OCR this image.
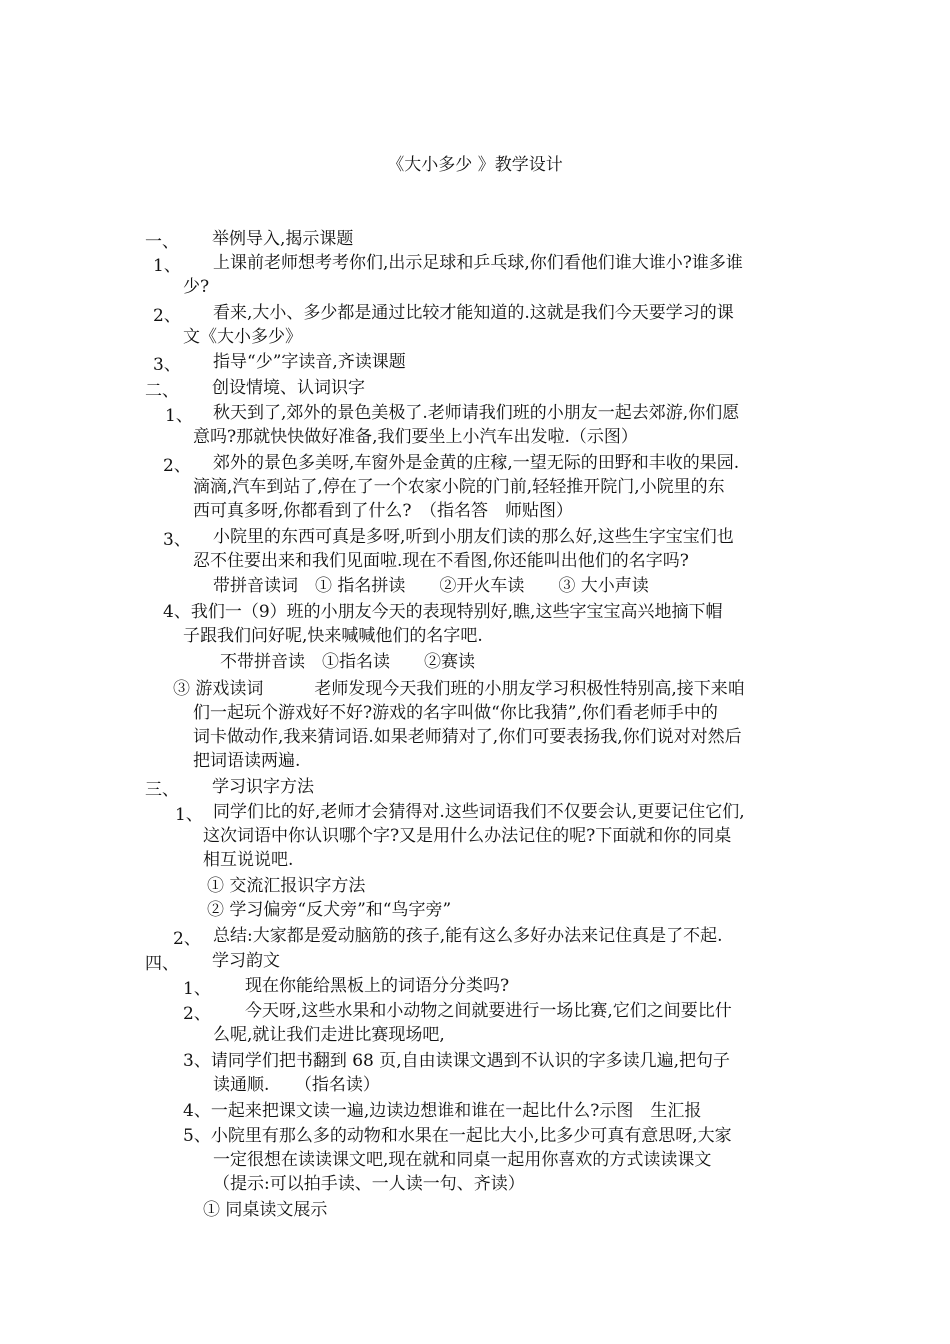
《大小多少 》教学设计
一、 举例导入,揭示课题
1、 上课前老师想考考你们,出示足球和乒乓球,你们看他们谁大谁小?谁多谁
少?
2、 看来,大小、多少都是通过比较才能知道的.这就是我们今天要学习的课
文《大小多少》
3、 指导“少”字读音,齐读课题
二、 创设情境、认词识字
1、 秋天到了,郊外的景色美极了.老师请我们班的小朋友一起去郊游,你们愿
意吗?那就快快做好准备,我们要坐上小汽车出发啦.（示图）
2、 郊外的景色多美呀,车窗外是金黄的庄稼,一望无际的田野和丰收的果园.
滴滴,汽车到站了,停在了一个农家小院的门前,轻轻推开院门,小院里的东
西可真多呀,你都看到了什么?　（指名答　师贴图）
3、 小院里的东西可真是多呀,听到小朋友们读的那么好,这些生字宝宝们也
忍不住要出来和我们见面啦.现在不看图,你还能叫出他们的名字吗?
带拼音读词　① 指名拼读　　②开火车读　　③ 大小声读
4、我们一（9）班的小朋友今天的表现特别好,瞧,这些字宝宝高兴地摘下帽
子跟我们问好呢,快来喊喊他们的名字吧.
不带拼音读　①指名读　　②赛读
③ 游戏读词　　　老师发现今天我们班的小朋友学习积极性特别高,接下来咱
们一起玩个游戏好不好?游戏的名字叫做“你比我猜”,你们看老师手中的
词卡做动作,我来猜词语.如果老师猜对了,你们可要表扬我,你们说对对然后
把词语读两遍.
三、 学习识字方法
1、 同学们比的好,老师才会猜得对.这些词语我们不仅要会认,更要记住它们,
这次词语中你认识哪个字?又是用什么办法记住的呢?下面就和你的同桌
相互说说吧.
① 交流汇报识字方法
② 学习偏旁“反犬旁”和“鸟字旁”
2、 总结:大家都是爱动脑筋的孩子,能有这么多好办法来记住真是了不起.
四、 学习韵文
1、 现在你能给黑板上的词语分分类吗?
2、 今天呀,这些水果和小动物之间就要进行一场比赛,它们之间要比什
么呢,就让我们走进比赛现场吧,
3、请同学们把书翻到 68 页,自由读课文遇到不认识的字多读几遍,把句子
读通顺.　　（指名读）
4、一起来把课文读一遍,边读边想谁和谁在一起比什么?示图　生汇报
5、小院里有那么多的动物和水果在一起比大小,比多少可真有意思呀,大家
一定很想在读读课文吧,现在就和同桌一起用你喜欢的方式读读课文
（提示:可以拍手读、一人读一句、齐读）
① 同桌读文展示
